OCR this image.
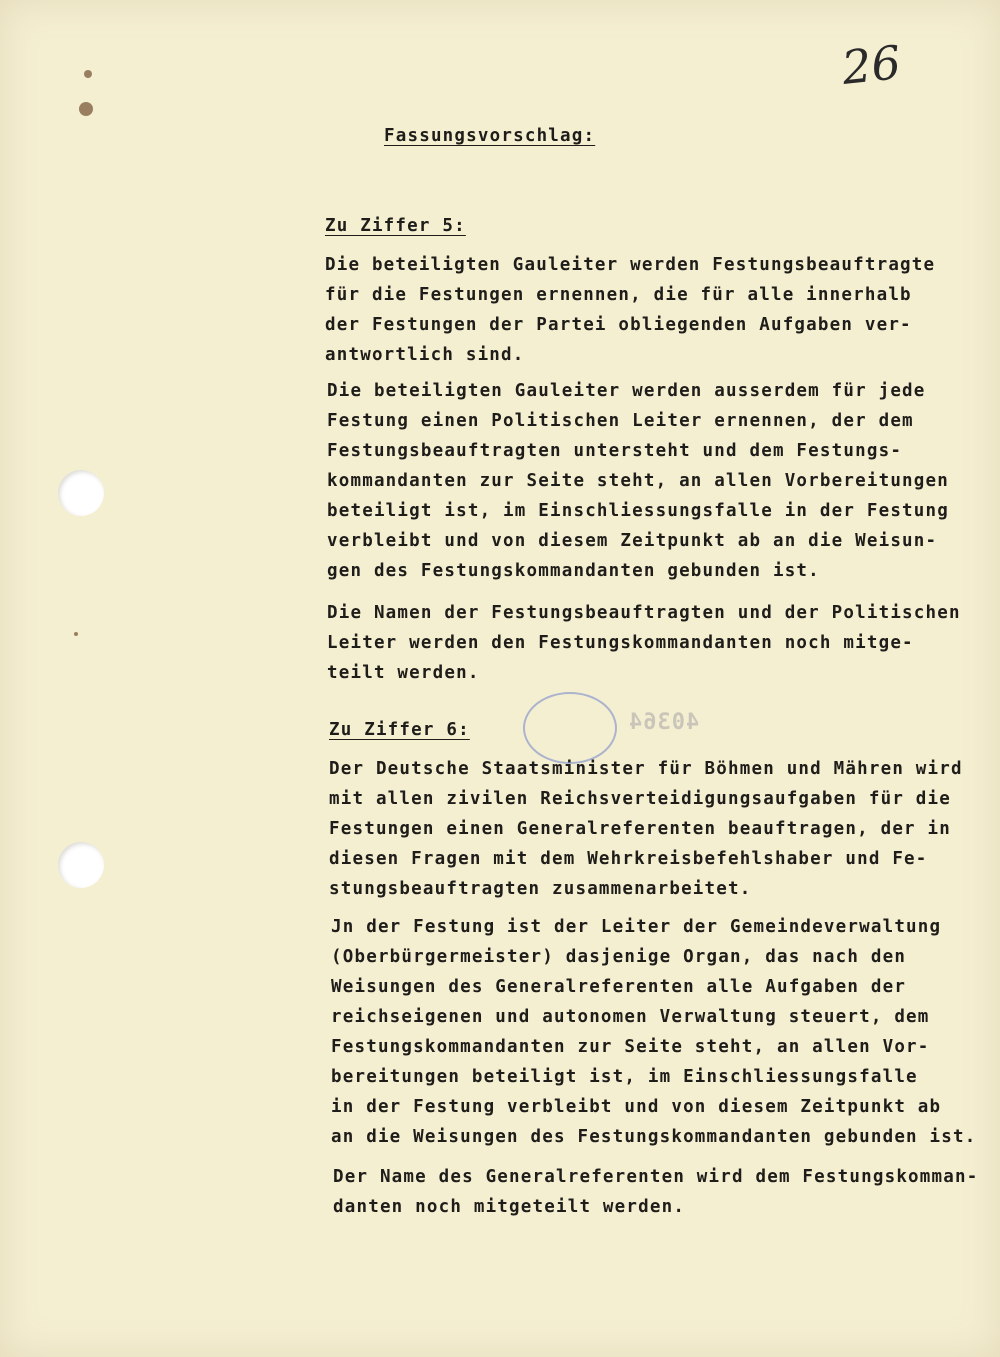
26
Fassungsvorschlag:
Zu Ziffer 5:
Die beteiligten Gauleiter werden Festungsbeauftragte
für die Festungen ernennen, die für alle innerhalb
der Festungen der Partei obliegenden Aufgaben ver-
antwortlich sind.
Die beteiligten Gauleiter werden ausserdem für jede
Festung einen Politischen Leiter ernennen, der dem
Festungsbeauftragten untersteht und dem Festungs-
kommandanten zur Seite steht, an allen Vorbereitungen
beteiligt ist, im Einschliessungsfalle in der Festung
verbleibt und von diesem Zeitpunkt ab an die Weisun-
gen des Festungskommandanten gebunden ist.
Die Namen der Festungsbeauftragten und der Politischen
Leiter werden den Festungskommandanten noch mitge-
teilt werden.
40364
Zu Ziffer 6:
Der Deutsche Staatsminister für Böhmen und Mähren wird
mit allen zivilen Reichsverteidigungsaufgaben für die
Festungen einen Generalreferenten beauftragen, der in
diesen Fragen mit dem Wehrkreisbefehlshaber und Fe-
stungsbeauftragten zusammenarbeitet.
Jn der Festung ist der Leiter der Gemeindeverwaltung
(Oberbürgermeister) dasjenige Organ, das nach den
Weisungen des Generalreferenten alle Aufgaben der
reichseigenen und autonomen Verwaltung steuert, dem
Festungskommandanten zur Seite steht, an allen Vor-
bereitungen beteiligt ist, im Einschliessungsfalle
in der Festung verbleibt und von diesem Zeitpunkt ab
an die Weisungen des Festungskommandanten gebunden ist.
Der Name des Generalreferenten wird dem Festungskomman-
danten noch mitgeteilt werden.
